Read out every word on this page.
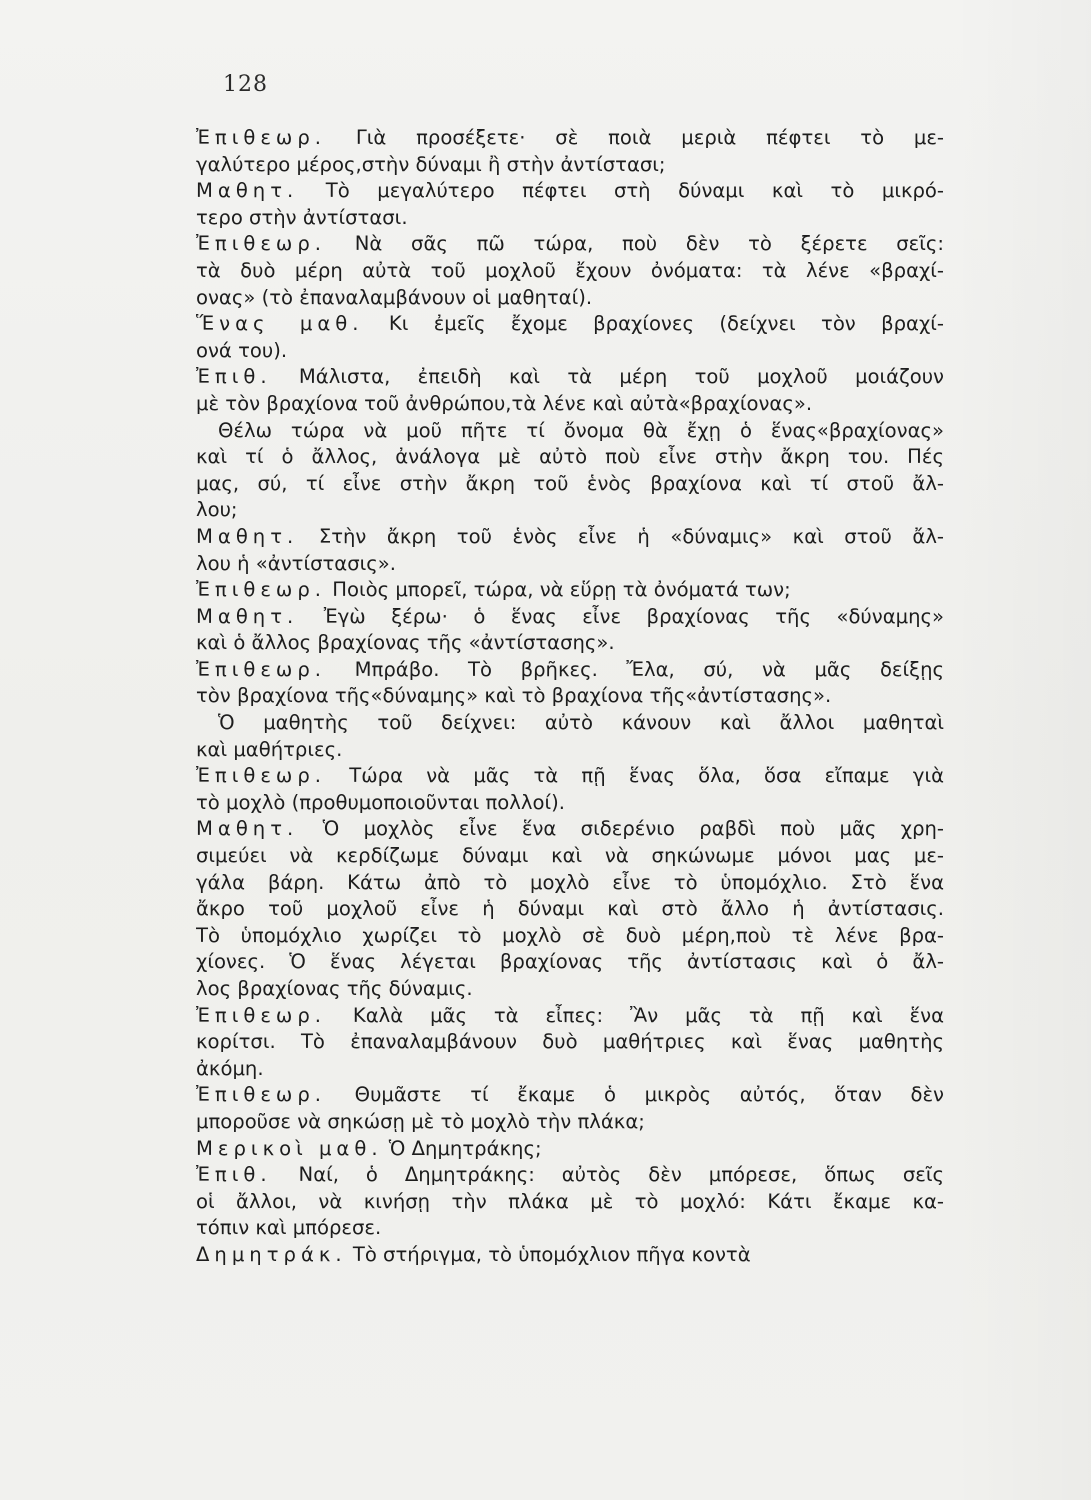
128
Ἐπιθεωρ. Γιὰ προσέξετε· σὲ ποιὰ μεριὰ πέφτει τὸ με-
γαλύτερο μέρος,στὴν δύναμι ἢ στὴν ἀντίστασι;
Μαθητ. Τὸ μεγαλύτερο πέφτει στὴ δύναμι καὶ τὸ μικρό-
τερο στὴν ἀντίστασι.
Ἐπιθεωρ. Νὰ σᾶς πῶ τώρα, ποὺ δὲν τὸ ξέρετε σεῖς:
τὰ δυὸ μέρη αὐτὰ τοῦ μοχλοῦ ἔχουν ὀνόματα: τὰ λένε «βραχί-
ονας» (τὸ ἐπαναλαμβάνουν οἱ μαθηταί).
Ἕνας μαθ. Κι ἐμεῖς ἔχομε βραχίονες (δείχνει τὸν βραχί-
ονά του).
Ἐπιθ. Μάλιστα, ἐπειδὴ καὶ τὰ μέρη τοῦ μοχλοῦ μοιάζουν
μὲ τὸν βραχίονα τοῦ ἀνθρώπου,τὰ λένε καὶ αὐτὰ«βραχίονας».
Θέλω τώρα νὰ μοῦ πῆτε τί ὄνομα θὰ ἔχῃ ὁ ἕνας«βραχίονας»
καὶ τί ὁ ἄλλος, ἀνάλογα μὲ αὐτὸ ποὺ εἶνε στὴν ἄκρη του. Πές
μας, σύ, τί εἶνε στὴν ἄκρη τοῦ ἑνὸς βραχίονα καὶ τί στοῦ ἄλ-
λου;
Μαθητ. Στὴν ἄκρη τοῦ ἑνὸς εἶνε ἡ «δύναμις» καὶ στοῦ ἄλ-
λου ἡ «ἀντίστασις».
Ἐπιθεωρ. Ποιὸς μπορεῖ, τώρα, νὰ εὕρῃ τὰ ὀνόματά των;
Μαθητ. Ἐγὼ ξέρω· ὁ ἕνας εἶνε βραχίονας τῆς «δύναμης»
καὶ ὁ ἄλλος βραχίονας τῆς «ἀντίστασης».
Ἐπιθεωρ. Μπράβο. Τὸ βρῆκες. Ἔλα, σύ, νὰ μᾶς δείξῃς
τὸν βραχίονα τῆς«δύναμης» καὶ τὸ βραχίονα τῆς«ἀντίστασης».
Ὁ μαθητὴς τοῦ δείχνει: αὐτὸ κάνουν καὶ ἄλλοι μαθηταὶ
καὶ μαθήτριες.
Ἐπιθεωρ. Τώρα νὰ μᾶς τὰ πῇ ἕνας ὅλα, ὅσα εἴπαμε γιὰ
τὸ μοχλὸ (προθυμοποιοῦνται πολλοί).
Μαθητ. Ὁ μοχλὸς εἶνε ἕνα σιδερένιο ραβδὶ ποὺ μᾶς χρη-
σιμεύει νὰ κερδίζωμε δύναμι καὶ νὰ σηκώνωμε μόνοι μας με-
γάλα βάρη. Κάτω ἀπὸ τὸ μοχλὸ εἶνε τὸ ὑπομόχλιο. Στὸ ἕνα
ἄκρο τοῦ μοχλοῦ εἶνε ἡ δύναμι καὶ στὸ ἄλλο ἡ ἀντίστασις.
Τὸ ὑπομόχλιο χωρίζει τὸ μοχλὸ σὲ δυὸ μέρη,ποὺ τὲ λένε βρα-
χίονες. Ὁ ἕνας λέγεται βραχίονας τῆς ἀντίστασις καὶ ὁ ἄλ-
λος βραχίονας τῆς δύναμις.
Ἐπιθεωρ. Καλὰ μᾶς τὰ εἶπες: Ἂν μᾶς τὰ πῇ καὶ ἕνα
κορίτσι. Τὸ ἐπαναλαμβάνουν δυὸ μαθήτριες καὶ ἕνας μαθητὴς
ἀκόμη.
Ἐπιθεωρ. Θυμᾶστε τί ἔκαμε ὁ μικρὸς αὐτός, ὅταν δὲν
μποροῦσε νὰ σηκώσῃ μὲ τὸ μοχλὸ τὴν πλάκα;
Μερικοὶ μαθ. Ὁ Δημητράκης;
Ἐπιθ. Ναί, ὁ Δημητράκης: αὐτὸς δὲν μπόρεσε, ὅπως σεῖς
οἱ ἄλλοι, νὰ κινήσῃ τὴν πλάκα μὲ τὸ μοχλό: Κάτι ἔκαμε κα-
τόπιν καὶ μπόρεσε.
Δημητράκ. Τὸ στήριγμα, τὸ ὑπομόχλιον πῆγα κοντὰ
